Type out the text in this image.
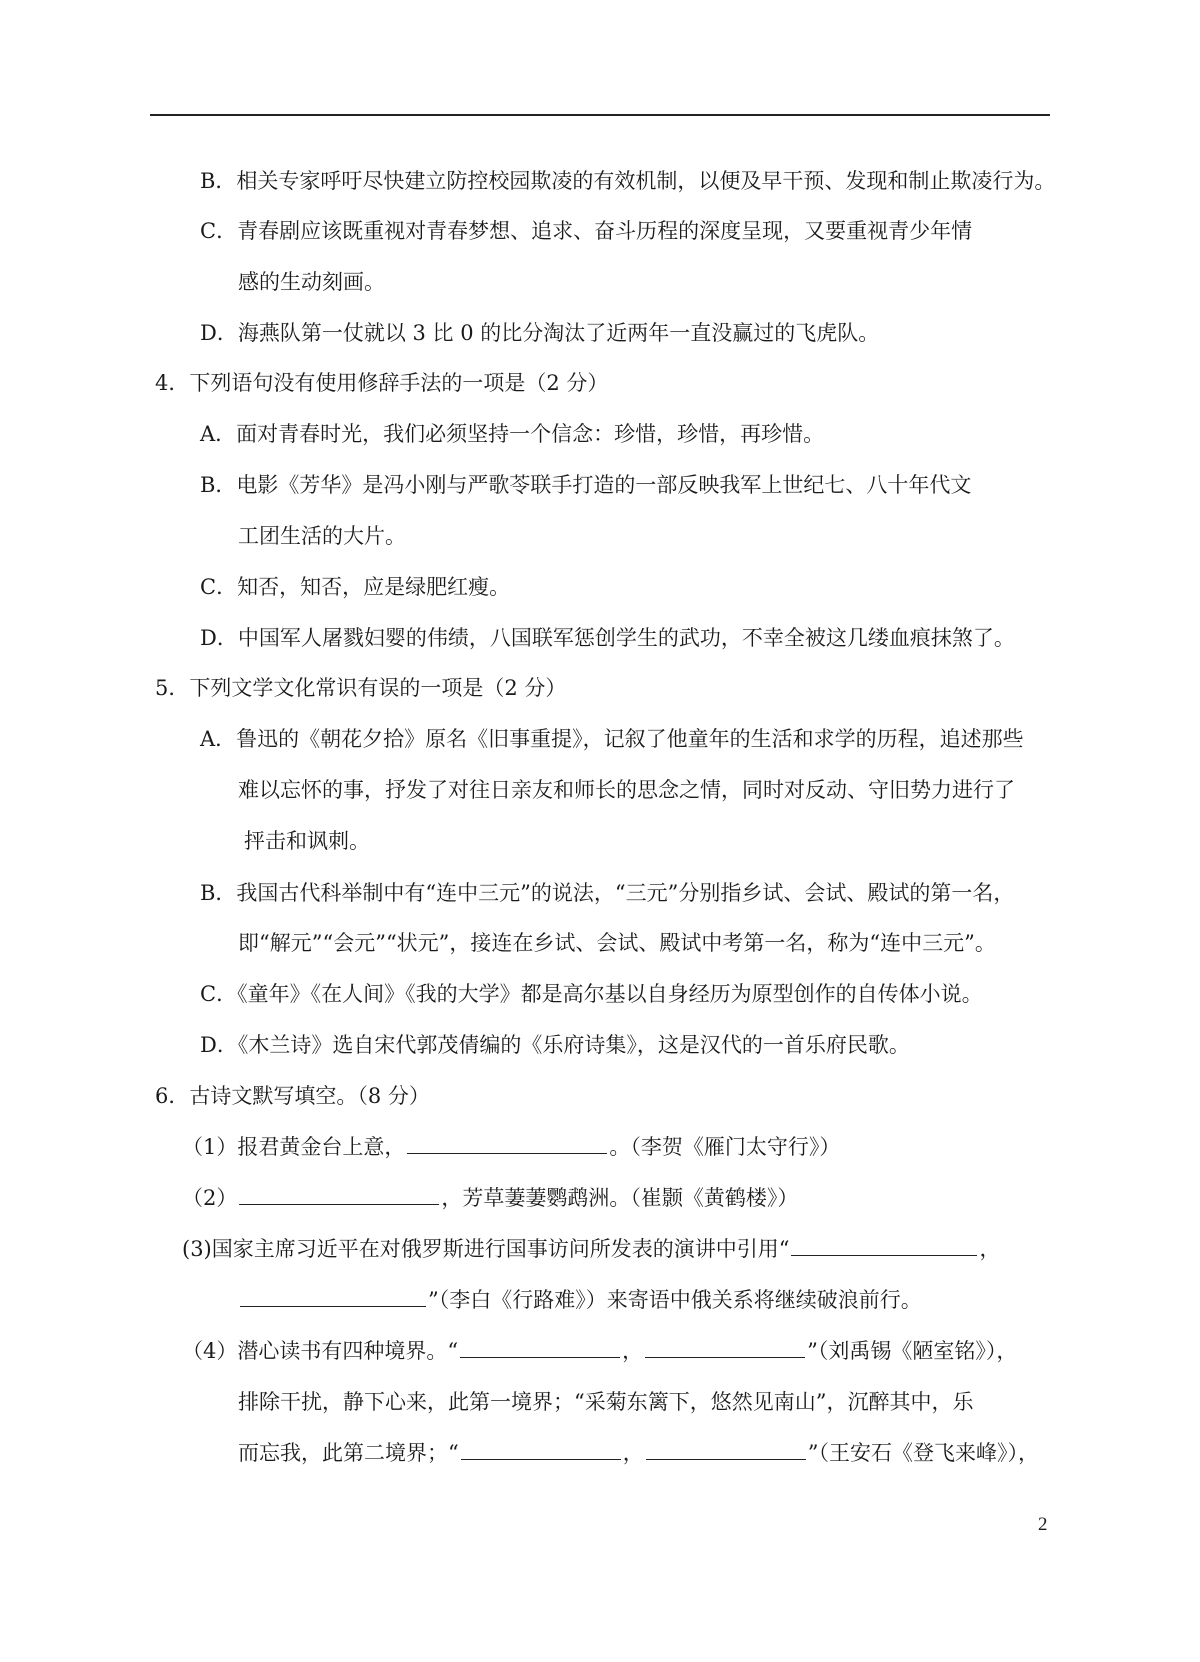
B．相关专家呼吁尽快建立防控校园欺凌的有效机制，以便及早干预、发现和制止欺凌行为。
C．青春剧应该既重视对青春梦想、追求、奋斗历程的深度呈现，又要重视青少年情
感的生动刻画。
D．海燕队第一仗就以 3 比 0 的比分淘汰了近两年一直没赢过的飞虎队。
4．下列语句没有使用修辞手法的一项是（2 分）
A．面对青春时光，我们必须坚持一个信念：珍惜，珍惜，再珍惜。
B．电影《芳华》是冯小刚与严歌苓联手打造的一部反映我军上世纪七、八十年代文
工团生活的大片。
C．知否，知否，应是绿肥红瘦。
D．中国军人屠戮妇婴的伟绩，八国联军惩创学生的武功，不幸全被这几缕血痕抹煞了。
5．下列文学文化常识有误的一项是（2 分）
A．鲁迅的《朝花夕拾》原名《旧事重提》，记叙了他童年的生活和求学的历程，追述那些
难以忘怀的事，抒发了对往日亲友和师长的思念之情，同时对反动、守旧势力进行了
抨击和讽刺。
B．我国古代科举制中有“连中三元”的说法，“三元”分别指乡试、会试、殿试的第一名，
即“解元”“会元”“状元”，接连在乡试、会试、殿试中考第一名，称为“连中三元”。
C．《童年》《在人间》《我的大学》都是高尔基以自身经历为原型创作的自传体小说。
D．《木兰诗》选自宋代郭茂倩编的《乐府诗集》，这是汉代的一首乐府民歌。
6．古诗文默写填空。（8 分）
（1）报君黄金台上意，	。（李贺《雁门太守行》）
（2）	，芳草萋萋鹦鹉洲。（崔颢《黄鹤楼》）
(3)国家主席习近平在对俄罗斯进行国事访问所发表的演讲中引用“	，
”（李白《行路难》）来寄语中俄关系将继续破浪前行。
（4）潜心读书有四种境界。“	，	”（刘禹锡《陋室铭》），
排除干扰，静下心来，此第一境界；“采菊东篱下，悠然见南山”，沉醉其中，乐
而忘我，此第二境界；“	，	”（王安石《登飞来峰》），
2
